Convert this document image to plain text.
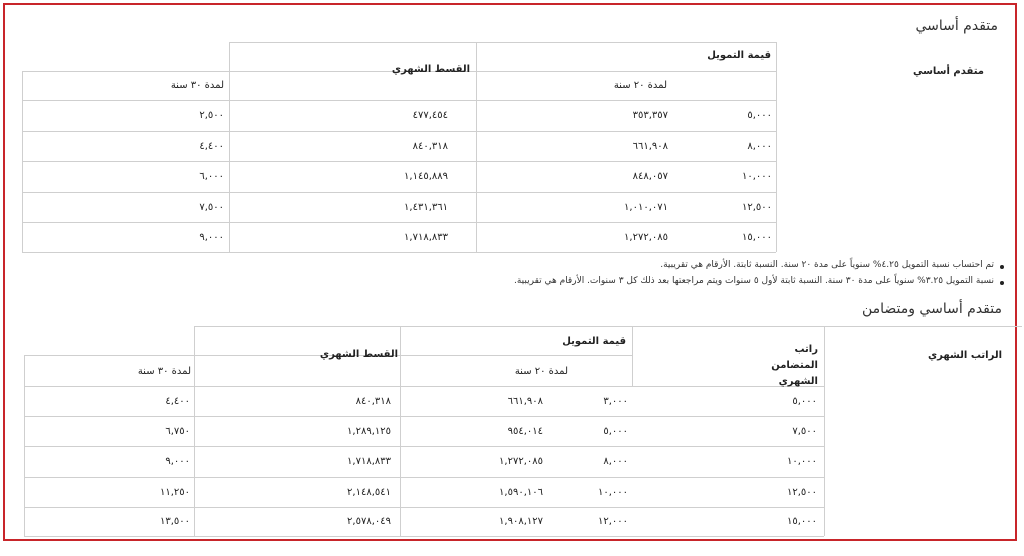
متقدم أساسي
متقدم أساسي
قيمة التمويل
القسط الشهري
لمدة ٢٠ سنة
لمدة ٣٠ سنة
٥,٠٠٠
٣٥٣,٣٥٧
٤٧٧,٤٥٤
٢,٥٠٠
٨,٠٠٠
٦٦١,٩٠٨
٨٤٠,٣١٨
٤,٤٠٠
١٠,٠٠٠
٨٤٨,٠٥٧
١,١٤٥,٨٨٩
٦,٠٠٠
١٢,٥٠٠
١,٠١٠,٠٧١
١,٤٣١,٣٦١
٧,٥٠٠
١٥,٠٠٠
١,٢٧٢,٠٨٥
١,٧١٨,٨٣٣
٩,٠٠٠
تم احتساب نسبة التمويل ٤.٢٥% سنوياً على مدة ٢٠ سنة. النسبة ثابتة. الأرقام هي تقريبية.
نسبة التمويل ٣.٢٥% سنوياً على مدة ٣٠ سنة. النسبة ثابتة لأول ٥ سنوات ويتم مراجعتها بعد ذلك كل ٣ سنوات. الأرقام هي تقريبية.
متقدم أساسي ومتضامن
الراتب الشهري
راتب المتضامن الشهري
قيمة التمويل
القسط الشهري
لمدة ٢٠ سنة
لمدة ٣٠ سنة
٥,٠٠٠
٣,٠٠٠
٦٦١,٩٠٨
٨٤٠,٣١٨
٤,٤٠٠
٧,٥٠٠
٥,٠٠٠
٩٥٤,٠١٤
١,٢٨٩,١٢٥
٦,٧٥٠
١٠,٠٠٠
٨,٠٠٠
١,٢٧٢,٠٨٥
١,٧١٨,٨٣٣
٩,٠٠٠
١٢,٥٠٠
١٠,٠٠٠
١,٥٩٠,١٠٦
٢,١٤٨,٥٤١
١١,٢٥٠
١٥,٠٠٠
١٢,٠٠٠
١,٩٠٨,١٢٧
٢,٥٧٨,٠٤٩
١٣,٥٠٠
